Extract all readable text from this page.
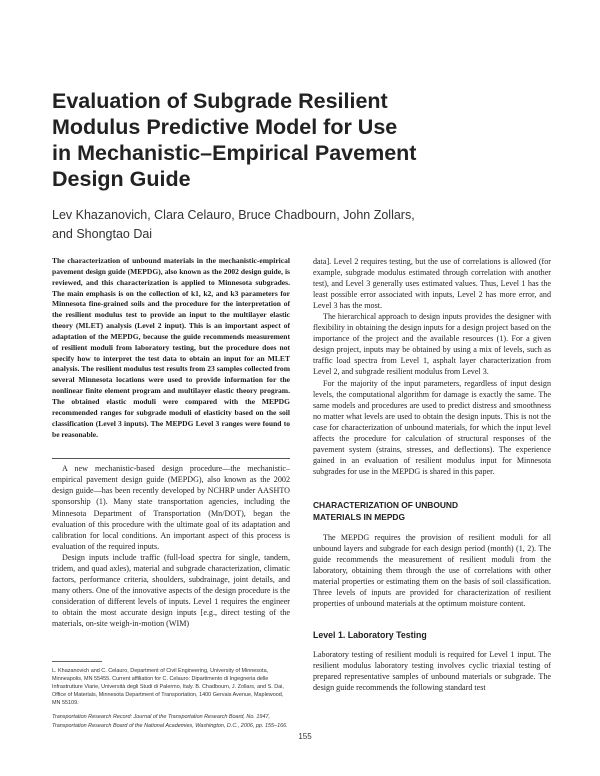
Evaluation of Subgrade Resilient
Modulus Predictive Model for Use
in Mechanistic–Empirical Pavement
Design Guide
Lev Khazanovich, Clara Celauro, Bruce Chadbourn, John Zollars,
and Shongtao Dai

The characterization of unbound materials in the mechanistic-empirical pavement design guide (MEPDG), also known as the 2002 design guide, is reviewed, and this characterization is applied to Minnesota subgrades. The main emphasis is on the collection of k1, k2, and k3 parameters for Minnesota fine-grained soils and the procedure for the interpretation of the resilient modulus test to provide an input to the multilayer elastic theory (MLET) analysis (Level 2 input). This is an important aspect of adaptation of the MEPDG, because the guide recommends measurement of resilient moduli from laboratory testing, but the procedure does not specify how to interpret the test data to obtain an input for an MLET analysis. The resilient modulus test results from 23 samples collected from several Minnesota locations were used to provide information for the nonlinear finite element program and multilayer elastic theory program. The obtained elastic moduli were compared with the MEPDG recommended ranges for subgrade moduli of elasticity based on the soil classification (Level 3 inputs). The MEPDG Level 3 ranges were found to be reasonable.

A new mechanistic-based design procedure—the mechanistic–empirical pavement design guide (MEPDG), also known as the 2002 design guide—has been recently developed by NCHRP under AASHTO sponsorship (1). Many state transportation agencies, including the Minnesota Department of Transportation (Mn/DOT), began the evaluation of this procedure with the ultimate goal of its adaptation and calibration for local conditions. An important aspect of this process is evaluation of the required inputs.

Design inputs include traffic (full-load spectra for single, tandem, tridem, and quad axles), material and subgrade characterization, climatic factors, performance criteria, shoulders, subdrainage, joint details, and many others. One of the innovative aspects of the design procedure is the consideration of different levels of inputs. Level 1 requires the engineer to obtain the most accurate design inputs [e.g., direct testing of the materials, on-site weigh-in-motion (WIM)

L. Khazanovich and C. Celauro, Department of Civil Engineering, University of Minnesota, Minneapolis, MN 55455. Current affiliation for C. Celauro: Dipartimento di Ingegneria delle Infrastrutture Viarie, Università degli Studi di Palermo, Italy. B. Chadbourn, J. Zollars, and S. Dai, Office of Materials, Minnesota Department of Transportation, 1400 Gervais Avenue, Maplewood, MN 55109.

Transportation Research Record: Journal of the Transportation Research Board, No. 1947, Transportation Research Board of the National Academies, Washington, D.C., 2006, pp. 155–166.

data]. Level 2 requires testing, but the use of correlations is allowed (for example, subgrade modulus estimated through correlation with another test), and Level 3 generally uses estimated values. Thus, Level 1 has the least possible error associated with inputs, Level 2 has more error, and Level 3 has the most.

The hierarchical approach to design inputs provides the designer with flexibility in obtaining the design inputs for a design project based on the importance of the project and the available resources (1). For a given design project, inputs may be obtained by using a mix of levels, such as traffic load spectra from Level 1, asphalt layer characterization from Level 2, and subgrade resilient modulus from Level 3.

For the majority of the input parameters, regardless of input design levels, the computational algorithm for damage is exactly the same. The same models and procedures are used to predict distress and smoothness no matter what levels are used to obtain the design inputs. This is not the case for characterization of unbound materials, for which the input level affects the procedure for calculation of structural responses of the pavement system (strains, stresses, and deflections). The experience gained in an evaluation of resilient modulus input for Minnesota subgrades for use in the MEPDG is shared in this paper.

CHARACTERIZATION OF UNBOUND
MATERIALS IN MEPDG

The MEPDG requires the provision of resilient moduli for all unbound layers and subgrade for each design period (month) (1, 2). The guide recommends the measurement of resilient moduli from the laboratory, obtaining them through the use of correlations with other material properties or estimating them on the basis of soil classification. Three levels of inputs are provided for characterization of resilient properties of unbound materials at the optimum moisture content.

Level 1. Laboratory Testing

Laboratory testing of resilient moduli is required for Level 1 input. The resilient modulus laboratory testing involves cyclic triaxial testing of prepared representative samples of unbound materials or subgrade. The design guide recommends the following standard test

155
